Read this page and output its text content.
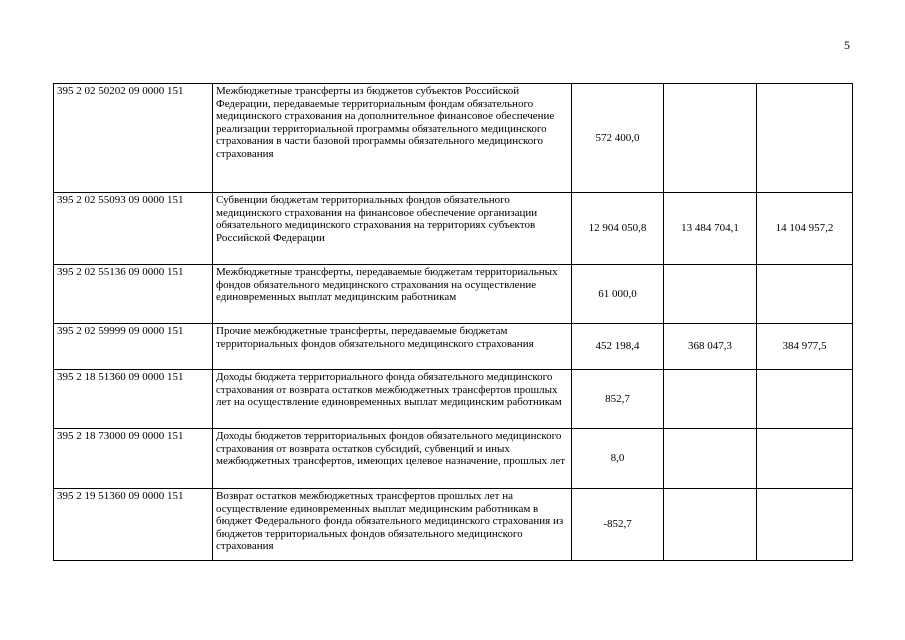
5
395 2 02 50202 09 0000 151	Межбюджетные трансферты из бюджетов субъектов Российской Федерации, передаваемые территориальным фондам обязательного медицинского страхования на дополнительное финансовое обеспечение реализации территориальной программы обязательного медицинского страхования в части базовой программы обязательного медицинского страхования	572 400,0		
395 2 02 55093 09 0000 151	Субвенции бюджетам территориальных фондов обязательного медицинского страхования на финансовое обеспечение организации обязательного медицинского страхования на территориях субъектов Российской Федерации	12 904 050,8	13 484 704,1	14 104 957,2
395 2 02 55136 09 0000 151	Межбюджетные трансферты, передаваемые бюджетам территориальных фондов обязательного медицинского страхования на осуществление единовременных выплат медицинским работникам	61 000,0		
395 2 02 59999 09 0000 151	Прочие межбюджетные трансферты, передаваемые бюджетам территориальных фондов обязательного медицинского страхования	452 198,4	368 047,3	384 977,5
395 2 18 51360 09 0000 151	Доходы бюджета территориального фонда обязательного медицинского страхования от возврата остатков межбюджетных трансфертов прошлых лет на осуществление единовременных выплат медицинским работникам	852,7		
395 2 18 73000 09 0000 151	Доходы бюджетов территориальных фондов обязательного медицинского страхования от возврата остатков субсидий, субвенций и иных межбюджетных трансфертов, имеющих целевое назначение, прошлых лет	8,0		
395 2 19 51360 09 0000 151	Возврат остатков межбюджетных трансфертов прошлых лет на осуществление единовременных выплат медицинским работникам в бюджет Федерального фонда обязательного медицинского страхования из бюджетов территориальных фондов обязательного медицинского страхования	-852,7		
